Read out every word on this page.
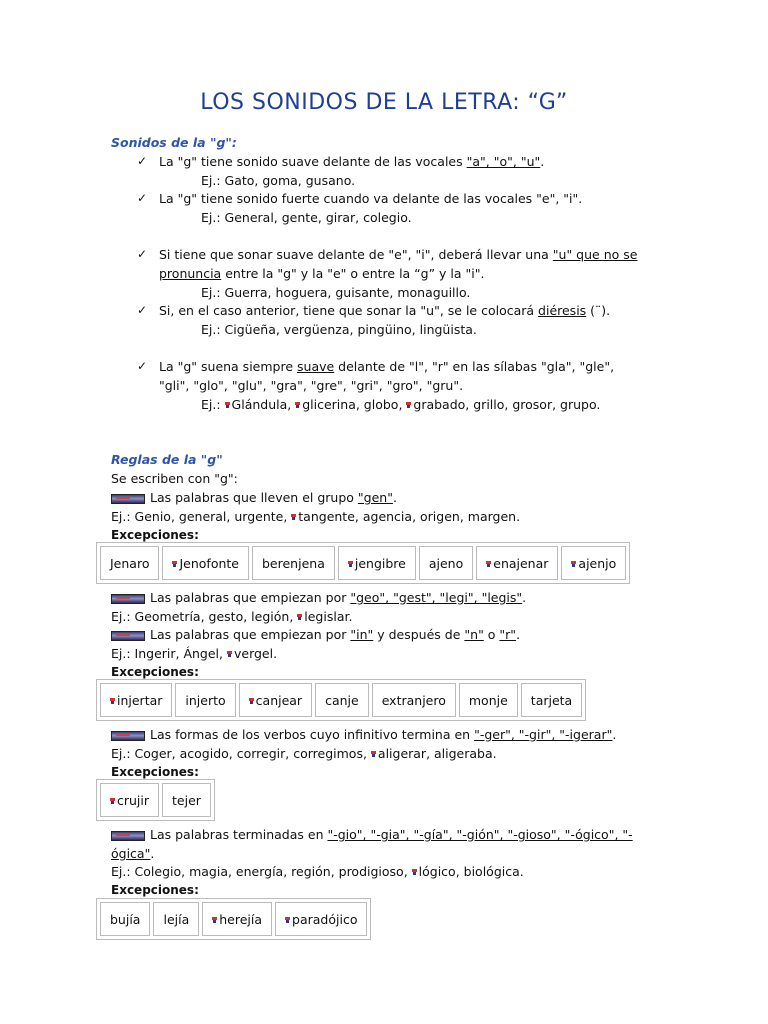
LOS SONIDOS DE LA LETRA: “G”
Sonidos de la "g":
✓ La "g" tiene sonido suave delante de las vocales "a", "o", "u".
Ej.: Gato, goma, gusano.
✓ La "g" tiene sonido fuerte cuando va delante de las vocales "e", "i".
Ej.: General, gente, girar, colegio.
✓ Si tiene que sonar suave delante de "e", "i", deberá llevar una "u" que no se
pronuncia entre la "g" y la "e" o entre la “g” y la "i".
Ej.: Guerra, hoguera, guisante, monaguillo.
✓ Si, en el caso anterior, tiene que sonar la "u", se le colocará diéresis (¨).
Ej.: Cigüeña, vergüenza, pingüino, lingüista.
✓ La "g" suena siempre suave delante de "l", "r" en las sílabas "gla", "gle",
"gli", "glo", "glu", "gra", "gre", "gri", "gro", "gru".
Ej.: Glándula, glicerina, globo, grabado, grillo, grosor, grupo.
Reglas de la "g"
Se escriben con "g":
Las palabras que lleven el grupo "gen".
Ej.: Genio, general, urgente, tangente, agencia, origen, margen.
Excepciones:
Jenaro	Jenofonte	berenjena	jengibre	ajeno	enajenar	ajenjo
Las palabras que empiezan por "geo", "gest", "legi", "legis".
Ej.: Geometría, gesto, legión, legislar.
Las palabras que empiezan por "in" y después de "n" o "r".
Ej.: Ingerir, Ángel, vergel.
Excepciones:
injertar	injerto	canjear	canje	extranjero	monje	tarjeta
Las formas de los verbos cuyo infinitivo termina en "-ger", "-gir", "-igerar".
Ej.: Coger, acogido, corregir, corregimos, aligerar, aligeraba.
Excepciones:
crujir	tejer
Las palabras terminadas en "-gio", "-gia", "-gía", "-gión", "-gioso", "-ógico", "-
ógica".
Ej.: Colegio, magia, energía, región, prodigioso, lógico, biológica.
Excepciones:
bujía	lejía	herejía	paradójico
